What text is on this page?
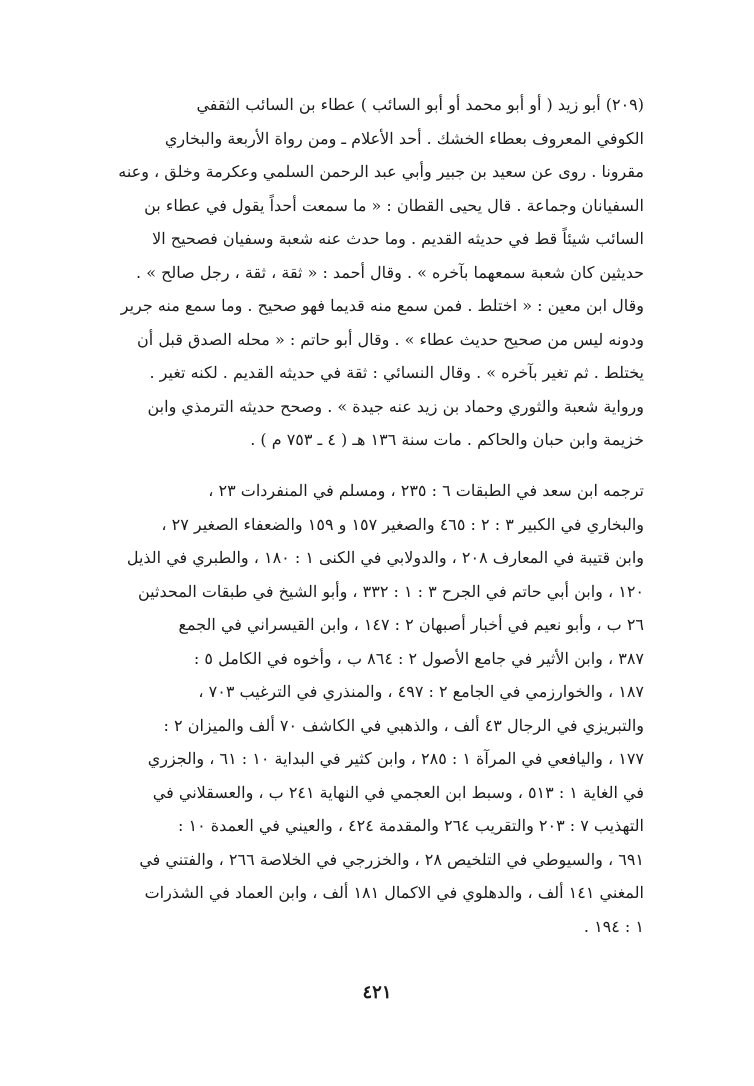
(٢٠٩) أبو زيد ( أو أبو محمد أو أبو السائب ) عطاء بن السائب الثقفي
الكوفي المعروف بعطاء الخشك . أحد الأعلام ـ ومن رواة الأربعة والبخاري
مقرونا . روى عن سعيد بن جبير وأبي عبد الرحمن السلمي وعكرمة وخلق ، وعنه
السفيانان وجماعة . قال يحيى القطان : « ما سمعت أحداً يقول في عطاء بن
السائب شيئاً قط في حديثه القديم . وما حدث عنه شعبة وسفيان فصحيح الا
حديثين كان شعبة سمعهما بآخره » . وقال أحمد : « ثقة ، ثقة ، رجل صالح » .
وقال ابن معين : « اختلط . فمن سمع منه قديما فهو صحيح . وما سمع منه جرير
ودونه ليس من صحيح حديث عطاء » . وقال أبو حاتم : « محله الصدق قبل أن
يختلط . ثم تغير بآخره » . وقال النسائي : ثقة في حديثه القديم . لكنه تغير .
ورواية شعبة والثوري وحماد بن زيد عنه جيدة » . وصحح حديثه الترمذي وابن
خزيمة وابن حبان والحاكم . مات سنة ١٣٦ هـ ( ٤ ـ ٧٥٣ م ) .
ترجمه ابن سعد في الطبقات ٦ : ٢٣٥ ، ومسلم في المنفردات ٢٣ ،
والبخاري في الكبير ٣ : ٢ : ٤٦٥ والصغير ١٥٧ و ١٥٩ والضعفاء الصغير ٢٧ ،
وابن قتيبة في المعارف ٢٠٨ ، والدولابي في الكنى ١ : ١٨٠ ، والطبري في الذيل
١٢٠ ، وابن أبي حاتم في الجرح ٣ : ١ : ٣٣٢ ، وأبو الشيخ في طبقات المحدثين
٢٦ ب ، وأبو نعيم في أخبار أصبهان ٢ : ١٤٧ ، وابن القيسراني في الجمع
٣٨٧ ، وابن الأثير في جامع الأصول ٢ : ٨٦٤ ب ، وأخوه في الكامل ٥ :
١٨٧ ، والخوارزمي في الجامع ٢ : ٤٩٧ ، والمنذري في الترغيب ٧٠٣ ،
والتبريزي في الرجال ٤٣ ألف ، والذهبي في الكاشف ٧٠ ألف والميزان ٢ :
١٧٧ ، واليافعي في المرآة ١ : ٢٨٥ ، وابن كثير في البداية ١٠ : ٦١ ، والجزري
في الغاية ١ : ٥١٣ ، وسبط ابن العجمي في النهاية ٢٤١ ب ، والعسقلاني في
التهذيب ٧ : ٢٠٣ والتقريب ٢٦٤ والمقدمة ٤٢٤ ، والعيني في العمدة ١٠ :
٦٩١ ، والسيوطي في التلخيص ٢٨ ، والخزرجي في الخلاصة ٢٦٦ ، والفتني في
المغني ١٤١ ألف ، والدهلوي في الاكمال ١٨١ ألف ، وابن العماد في الشذرات
١ : ١٩٤ .
٤٢١
